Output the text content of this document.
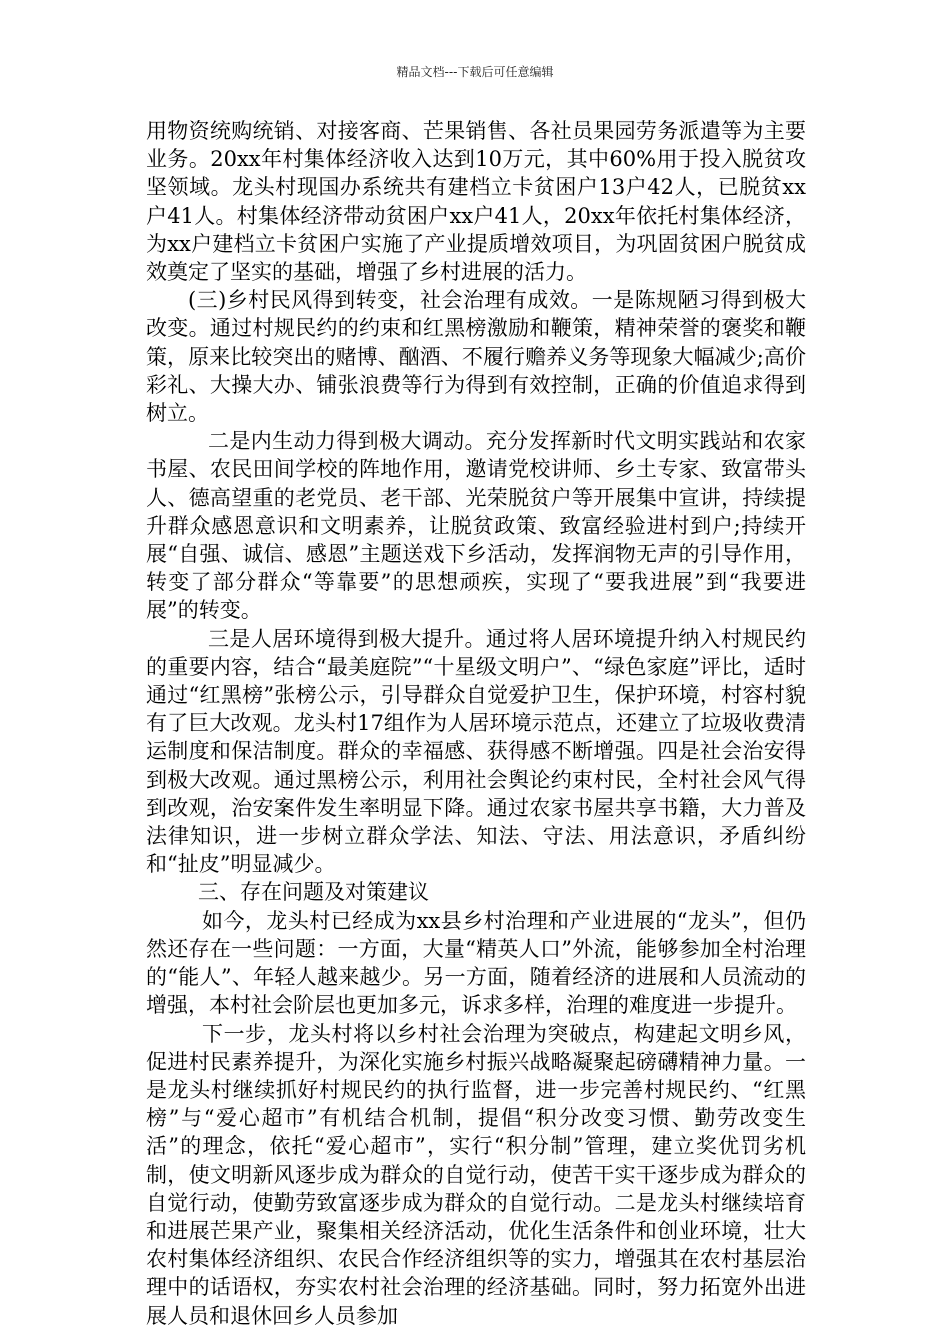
精品文档---下载后可任意编辑

用物资统购统销、对接客商、芒果销售、各社员果园劳务派遣等为主要业务。20xx年村集体经济收入达到10万元，其中60%用于投入脱贫攻坚领域。龙头村现国办系统共有建档立卡贫困户13户42人，已脱贫xx户41人。村集体经济带动贫困户xx户41人，20xx年依托村集体经济，为xx户建档立卡贫困户实施了产业提质增效项目，为巩固贫困户脱贫成效奠定了坚实的基础，增强了乡村进展的活力。

(三)乡村民风得到转变，社会治理有成效。一是陈规陋习得到极大改变。通过村规民约的约束和红黑榜激励和鞭策，精神荣誉的褒奖和鞭策，原来比较突出的赌博、酗酒、不履行赡养义务等现象大幅减少;高价彩礼、大操大办、铺张浪费等行为得到有效控制，正确的价值追求得到树立。

二是内生动力得到极大调动。充分发挥新时代文明实践站和农家书屋、农民田间学校的阵地作用，邀请党校讲师、乡土专家、致富带头人、德高望重的老党员、老干部、光荣脱贫户等开展集中宣讲，持续提升群众感恩意识和文明素养，让脱贫政策、致富经验进村到户;持续开展“自强、诚信、感恩”主题送戏下乡活动，发挥润物无声的引导作用，转变了部分群众“等靠要”的思想顽疾，实现了“要我进展”到“我要进展”的转变。

三是人居环境得到极大提升。通过将人居环境提升纳入村规民约的重要内容，结合“最美庭院”“十星级文明户”、“绿色家庭”评比，适时通过“红黑榜”张榜公示，引导群众自觉爱护卫生，保护环境，村容村貌有了巨大改观。龙头村17组作为人居环境示范点，还建立了垃圾收费清运制度和保洁制度。群众的幸福感、获得感不断增强。四是社会治安得到极大改观。通过黑榜公示，利用社会舆论约束村民，全村社会风气得到改观，治安案件发生率明显下降。通过农家书屋共享书籍，大力普及法律知识，进一步树立群众学法、知法、守法、用法意识，矛盾纠纷和“扯皮”明显减少。

三、存在问题及对策建议

如今，龙头村已经成为xx县乡村治理和产业进展的“龙头”，但仍然还存在一些问题：一方面，大量“精英人口”外流，能够参加全村治理的“能人”、年轻人越来越少。另一方面，随着经济的进展和人员流动的增强，本村社会阶层也更加多元，诉求多样，治理的难度进一步提升。

下一步，龙头村将以乡村社会治理为突破点，构建起文明乡风，促进村民素养提升，为深化实施乡村振兴战略凝聚起磅礴精神力量。一是龙头村继续抓好村规民约的执行监督，进一步完善村规民约、“红黑榜”与“爱心超市”有机结合机制，提倡“积分改变习惯、勤劳改变生活”的理念，依托“爱心超市”，实行“积分制”管理，建立奖优罚劣机制，使文明新风逐步成为群众的自觉行动，使苦干实干逐步成为群众的自觉行动，使勤劳致富逐步成为群众的自觉行动。二是龙头村继续培育和进展芒果产业，聚集相关经济活动，优化生活条件和创业环境，壮大农村集体经济组织、农民合作经济组织等的实力，增强其在农村基层治理中的话语权，夯实农村社会治理的经济基础。同时，努力拓宽外出进展人员和退休回乡人员参加
